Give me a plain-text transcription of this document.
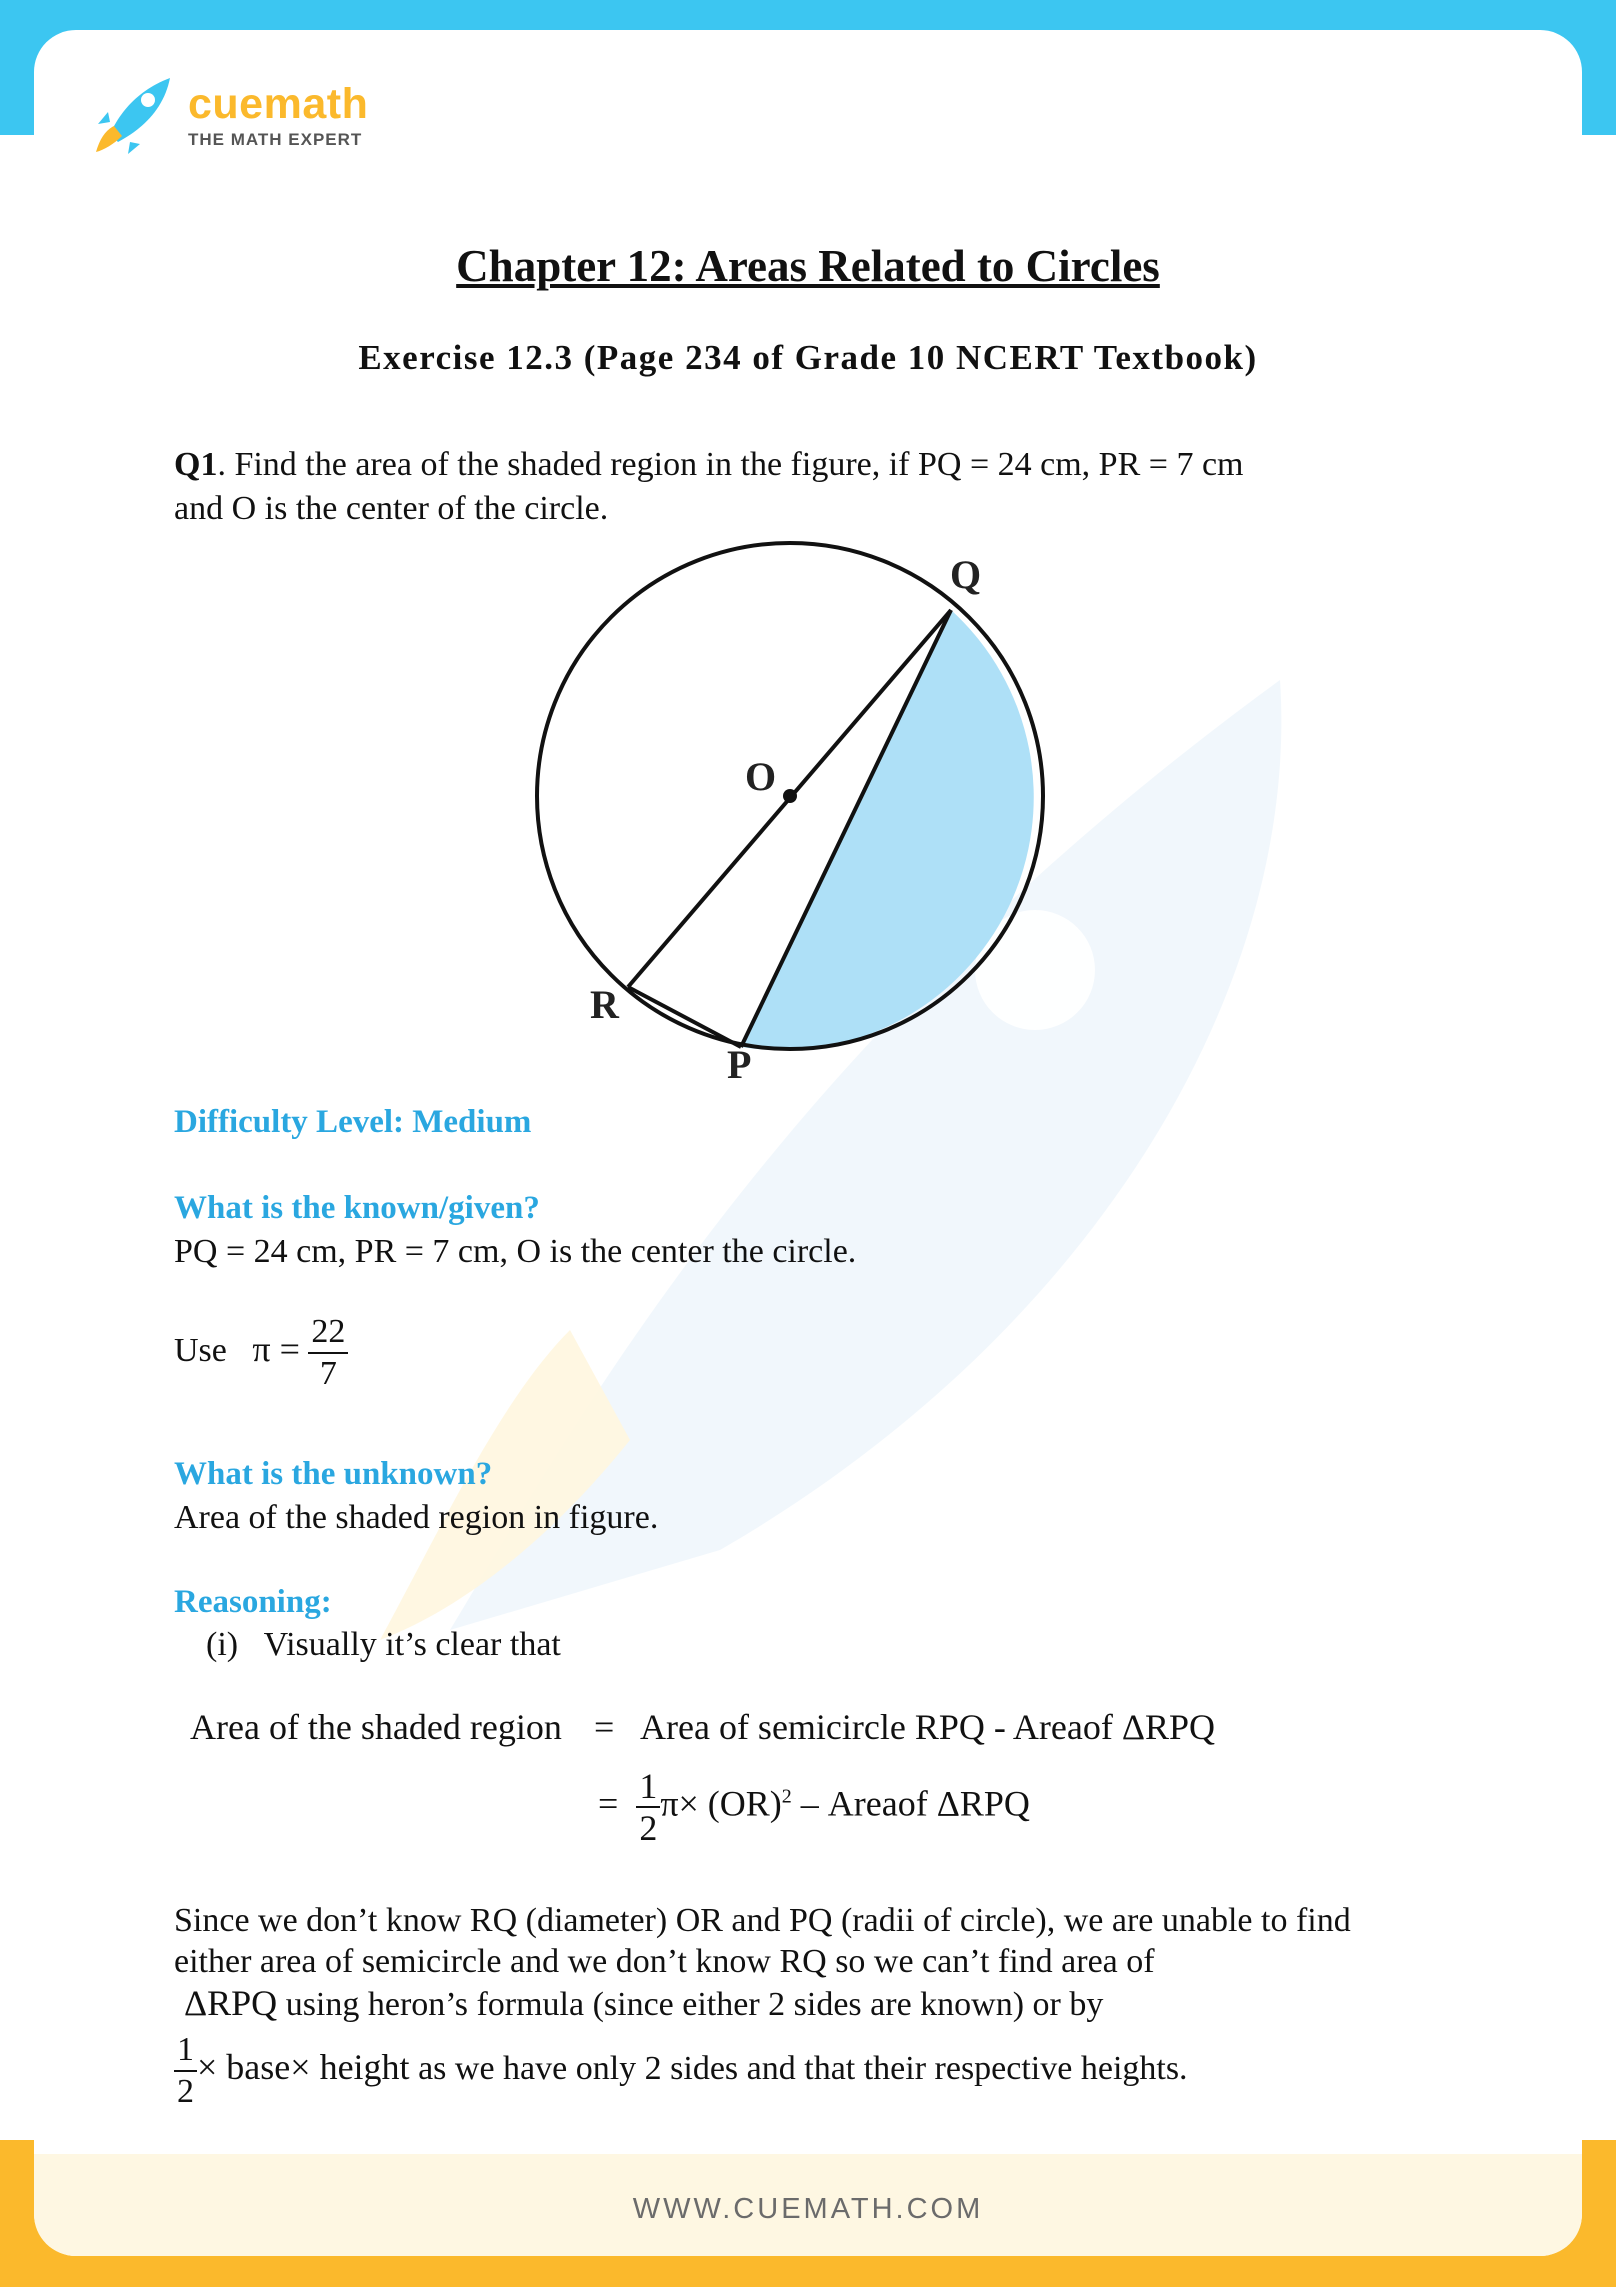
WWW.CUEMATH.COM
cuemath
THE MATH EXPERT
Chapter 12: Areas Related to Circles
Exercise 12.3 (Page 234 of Grade 10 NCERT Textbook)
Q1. Find the area of the shaded region in the figure, if PQ = 24 cm, PR = 7 cm
and O is the center of the circle.
Q
O
R
P
Difficulty Level: Medium
What is the known/given?
PQ = 24 cm, PR = 7 cm, O is the center the circle.
Use $\pi = \frac{22}{7}$
What is the unknown?
Area of the shaded region in figure.
Reasoning:
(i) Visually it’s clear that
Area of the shaded region = Area of semicircle RPQ - Areaof ΔRPQ
= $\frac{1}{2} \pi\times (OR)^2$ – Areaof ΔRPQ
Since we don’t know RQ (diameter) OR and PQ (radii of circle), we are unable to find
either area of semicircle and we don’t know RQ so we can’t find area of
ΔRPQ using heron’s formula (since either 2 sides are known) or by
$\frac{1}{2}$ × base× height as we have only 2 sides and that their respective heights.
